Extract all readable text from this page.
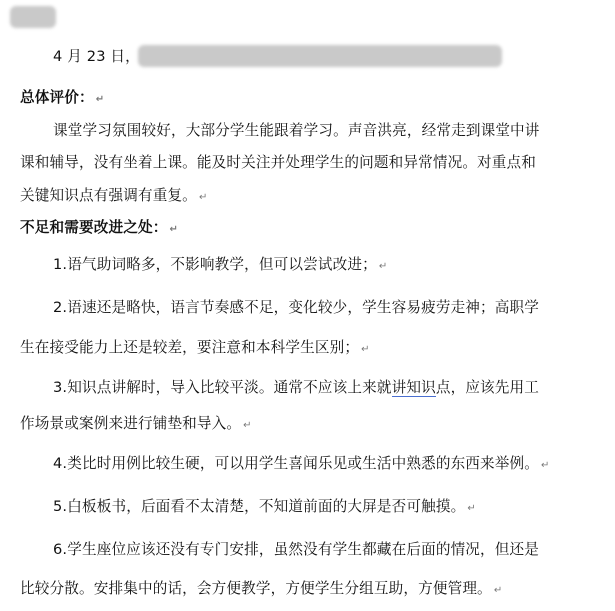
4 月 23 日，
总体评价： ↵
课堂学习氛围较好，大部分学生能跟着学习。声音洪亮，经常走到课堂中讲
课和辅导，没有坐着上课。能及时关注并处理学生的问题和异常情况。对重点和
关键知识点有强调有重复。 ↵
不足和需要改进之处： ↵
1.语气助词略多，不影响教学，但可以尝试改进； ↵
2.语速还是略快，语言节奏感不足，变化较少，学生容易疲劳走神；高职学
生在接受能力上还是较差，要注意和本科学生区别； ↵
3.知识点讲解时，导入比较平淡。通常不应该上来就讲知识点，应该先用工
作场景或案例来进行铺垫和导入。 ↵
4.类比时用例比较生硬，可以用学生喜闻乐见或生活中熟悉的东西来举例。 ↵
5.白板板书，后面看不太清楚，不知道前面的大屏是否可触摸。 ↵
6.学生座位应该还没有专门安排，虽然没有学生都藏在后面的情况，但还是
比较分散。安排集中的话，会方便教学，方便学生分组互助，方便管理。 ↵
